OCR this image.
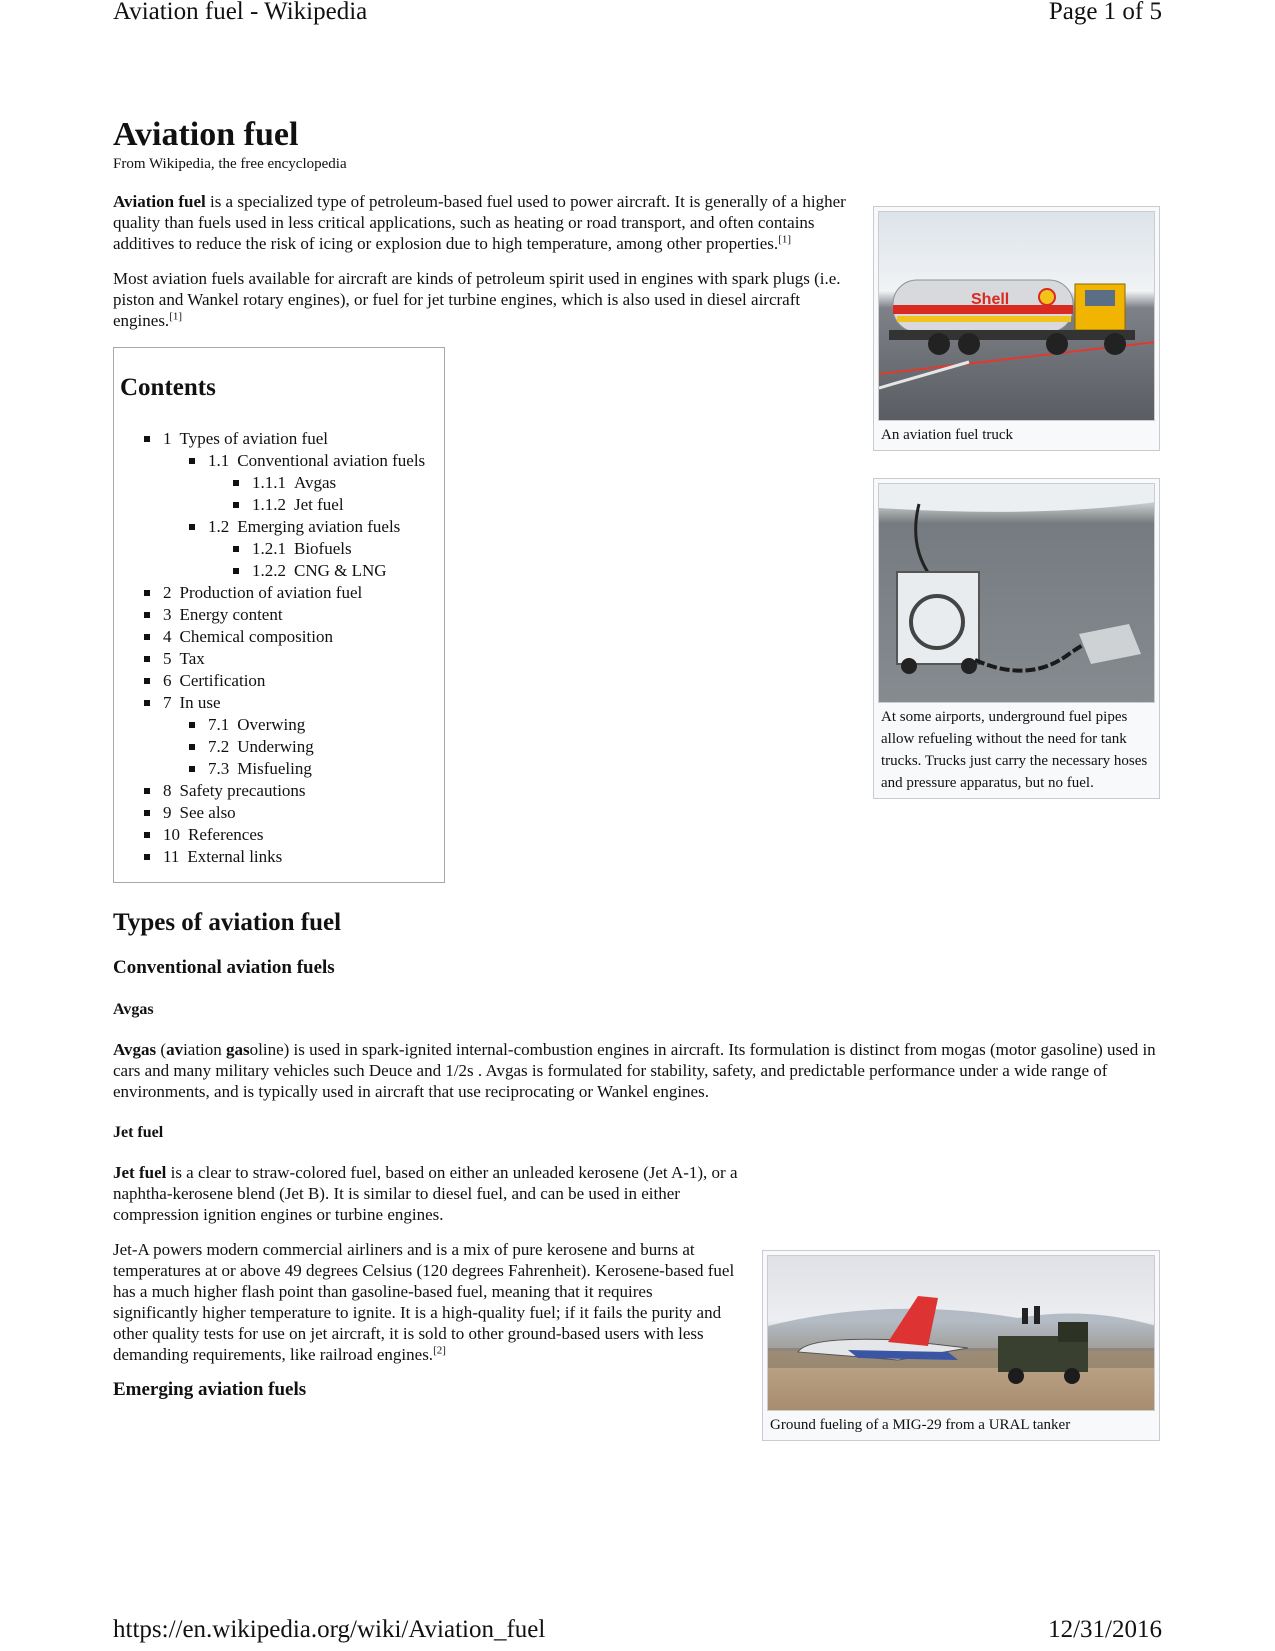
Aviation fuel - Wikipedia	Page 1 of 5
Aviation fuel
From Wikipedia, the free encyclopedia

Aviation fuel is a specialized type of petroleum-based fuel used to power aircraft. It is generally of a higher quality than fuels used in less critical applications, such as heating or road transport, and often contains additives to reduce the risk of icing or explosion due to high temperature, among other properties.[1]

Most aviation fuels available for aircraft are kinds of petroleum spirit used in engines with spark plugs (i.e. piston and Wankel rotary engines), or fuel for jet turbine engines, which is also used in diesel aircraft engines.[1]

Contents
1 Types of aviation fuel
1.1 Conventional aviation fuels
1.1.1 Avgas
1.1.2 Jet fuel
1.2 Emerging aviation fuels
1.2.1 Biofuels
1.2.2 CNG & LNG
2 Production of aviation fuel
3 Energy content
4 Chemical composition
5 Tax
6 Certification
7 In use
7.1 Overwing
7.2 Underwing
7.3 Misfueling
8 Safety precautions
9 See also
10 References
11 External links
Types of aviation fuel
Conventional aviation fuels
Avgas

Avgas (aviation gasoline) is used in spark-ignited internal-combustion engines in aircraft. Its formulation is distinct from mogas (motor gasoline) used in cars and many military vehicles such Deuce and 1/2s . Avgas is formulated for stability, safety, and predictable performance under a wide range of environments, and is typically used in aircraft that use reciprocating or Wankel engines.

Jet fuel

Jet fuel is a clear to straw-colored fuel, based on either an unleaded kerosene (Jet A-1), or a naphtha-kerosene blend (Jet B). It is similar to diesel fuel, and can be used in either compression ignition engines or turbine engines.

Jet-A powers modern commercial airliners and is a mix of pure kerosene and burns at temperatures at or above 49 degrees Celsius (120 degrees Fahrenheit). Kerosene-based fuel has a much higher flash point than gasoline-based fuel, meaning that it requires significantly higher temperature to ignite. It is a high-quality fuel; if it fails the purity and other quality tests for use on jet aircraft, it is sold to other ground-based users with less demanding requirements, like railroad engines.[2]

Emerging aviation fuels
Shell
An aviation fuel truck
At some airports, underground fuel pipes allow refueling without the need for tank trucks. Trucks just carry the necessary hoses and pressure apparatus, but no fuel.
Ground fueling of a MIG-29 from a URAL tanker
https://en.wikipedia.org/wiki/Aviation_fuel	12/31/2016
